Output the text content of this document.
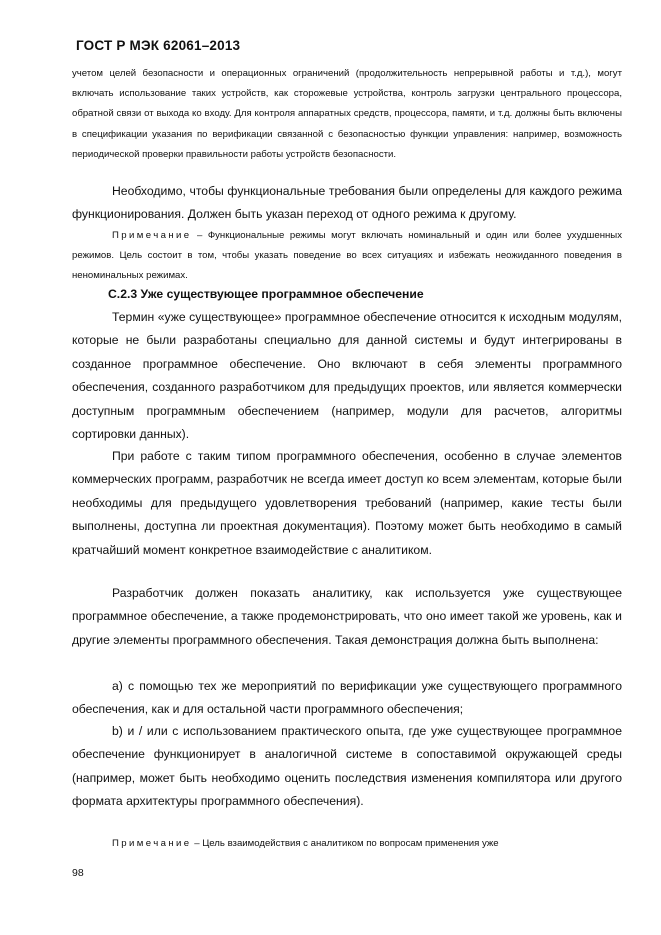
ГОСТ Р МЭК 62061–2013

учетом целей безопасности и операционных ограничений (продолжительность непрерывной работы и т.д.), могут включать использование таких устройств, как сторожевые устройства, контроль загрузки центрального процессора, обратной связи от выхода ко входу. Для контроля аппаратных средств, процессора, памяти, и т.д. должны быть включены в спецификации указания по верификации связанной с безопасностью функции управления: например, возможность периодической проверки правильности работы устройств безопасности.

Необходимо, чтобы функциональные требования были определены для каждого режима функционирования. Должен быть указан переход от одного режима к другому.

Примечание – Функциональные режимы могут включать номинальный и один или более ухудшенных режимов. Цель состоит в том, чтобы указать поведение во всех ситуациях и избежать неожиданного поведения в неноминальных режимах.

С.2.3 Уже существующее программное обеспечение

Термин «уже существующее» программное обеспечение относится к исходным модулям, которые не были разработаны специально для данной системы и будут интегрированы в созданное программное обеспечение. Оно включают в себя элементы программного обеспечения, созданного разработчиком для предыдущих проектов, или является коммерчески доступным программным обеспечением (например, модули для расчетов, алгоритмы сортировки данных).

При работе с таким типом программного обеспечения, особенно в случае элементов коммерческих программ, разработчик не всегда имеет доступ ко всем элементам, которые были необходимы для предыдущего удовлетворения требований (например, какие тесты были выполнены, доступна ли проектная документация). Поэтому может быть необходимо в самый кратчайший момент конкретное взаимодействие с аналитиком.

Разработчик должен показать аналитику, как используется уже существующее программное обеспечение, а также продемонстрировать, что оно имеет такой же уровень, как и другие элементы программного обеспечения. Такая демонстрация должна быть выполнена:

а) с помощью тех же мероприятий по верификации уже существующего программного обеспечения, как и для остальной части программного обеспечения;

b) и / или с использованием практического опыта, где уже существующее программное обеспечение функционирует в аналогичной системе в сопоставимой окружающей среды (например, может быть необходимо оценить последствия изменения компилятора или другого формата архитектуры программного обеспечения).

Примечание – Цель взаимодействия с аналитиком по вопросам применения уже

98
